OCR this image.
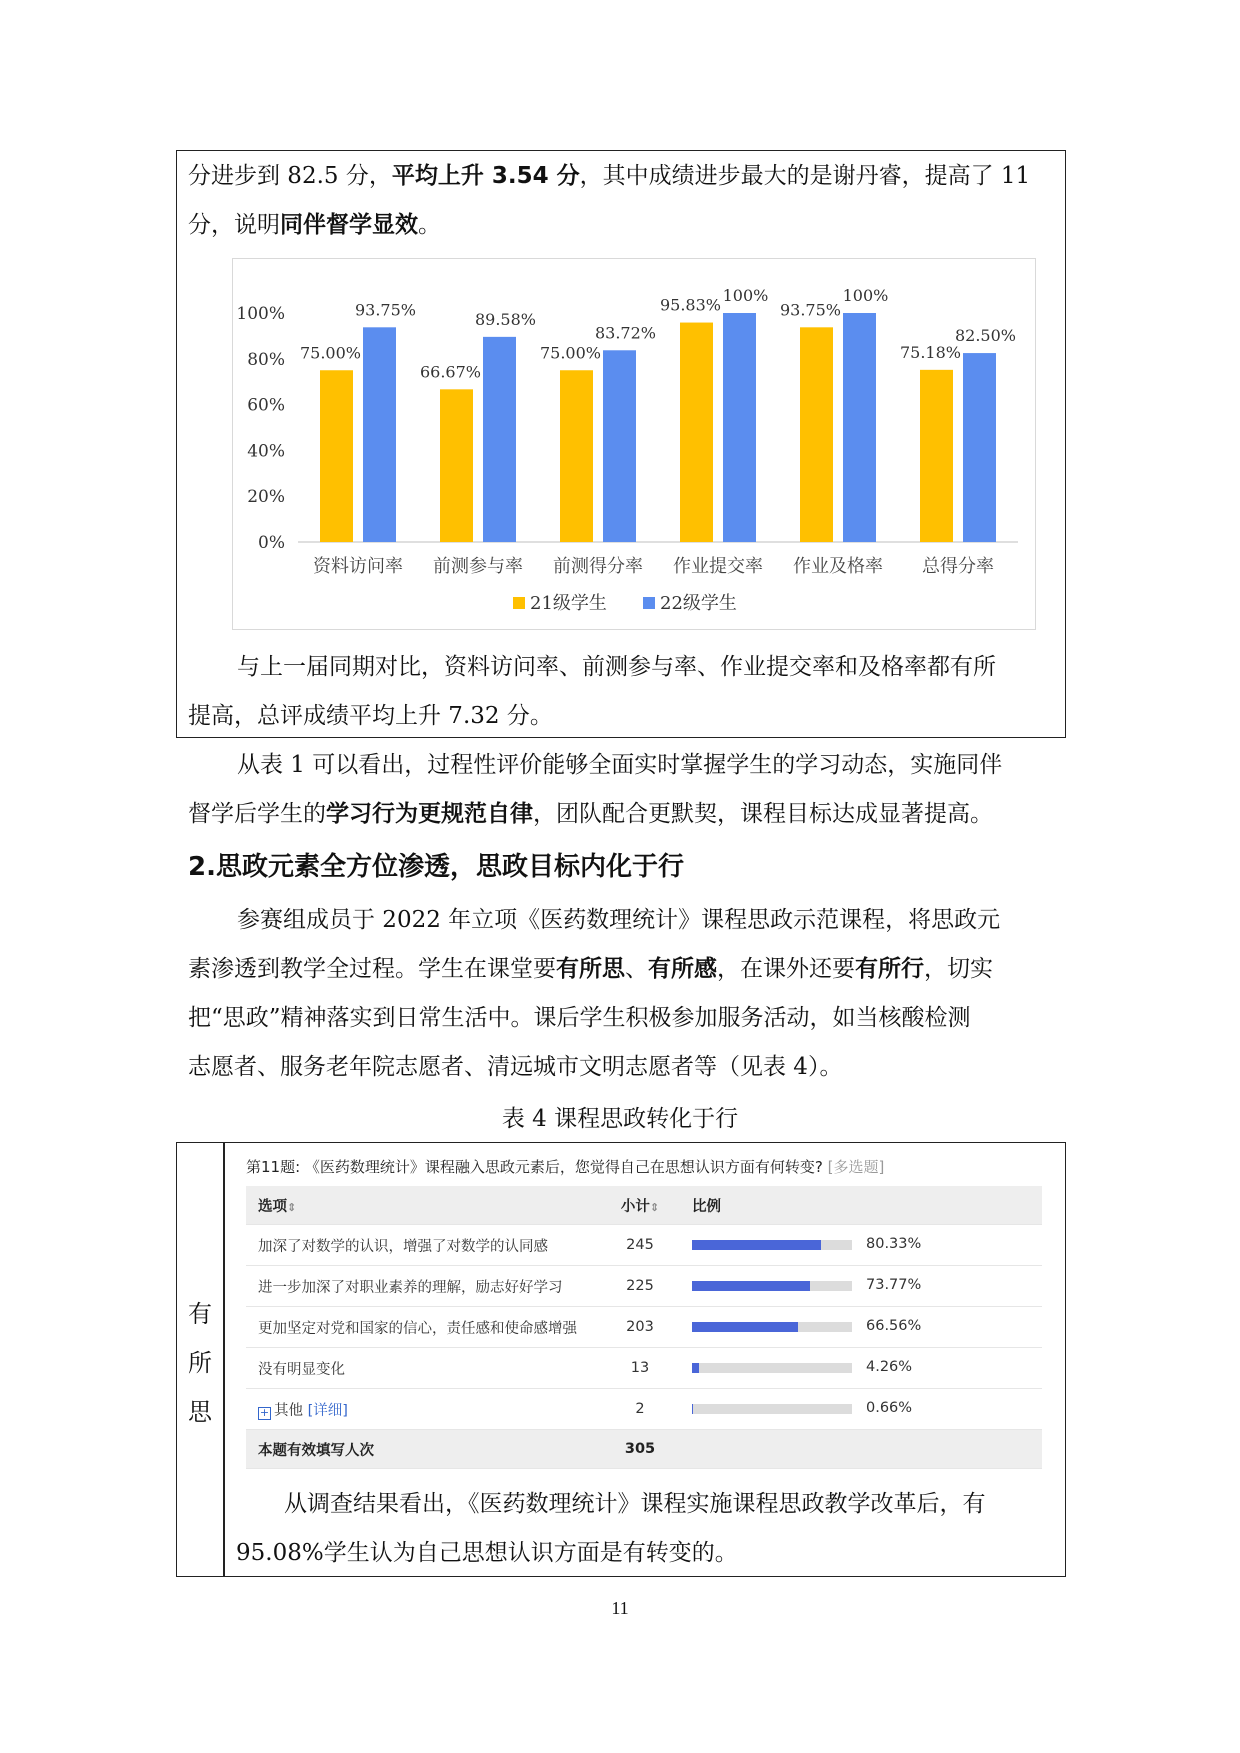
分进步到 82.5 分，平均上升 3.54 分，其中成绩进步最大的是谢丹睿，提高了 11

分，说明同伴督学显效。

0%
20%
40%
60%
80%
100%
75.00%
93.75%
资料访问率
66.67%
89.58%
前测参与率
75.00%
83.72%
前测得分率
95.83%
100%
作业提交率
93.75%
100%
作业及格率
75.18%
82.50%
总得分率
21级学生	22级学生

与上一届同期对比，资料访问率、前测参与率、作业提交率和及格率都有所

提高，总评成绩平均上升 7.32 分。

从表 1 可以看出，过程性评价能够全面实时掌握学生的学习动态，实施同伴

督学后学生的学习行为更规范自律，团队配合更默契，课程目标达成显著提高。

2.思政元素全方位渗透，思政目标内化于行

参赛组成员于 2022 年立项《医药数理统计》课程思政示范课程，将思政元

素渗透到教学全过程。学生在课堂要有所思、有所感，在课外还要有所行，切实

把“思政”精神落实到日常生活中。课后学生积极参加服务活动，如当核酸检测

志愿者、服务老年院志愿者、清远城市文明志愿者等（见表 4）。

表 4 课程思政转化于行
有
所
思
第11题: 《医药数理统计》课程融入思政元素后，您觉得自己在思想认识方面有何转变? [多选题]
选项⇕	小计⇕	比例
加深了对数学的认识，增强了对数学的认同感	245	80.33%

进一步加深了对职业素养的理解，励志好好学习	225	73.77%

更加坚定对党和国家的信心，责任感和使命感增强	203	66.56%

没有明显变化	13	4.26%

+ 其他 [详细]	2	0.66%

本题有效填写人次	305	

从调查结果看出，《医药数理统计》课程实施课程思政教学改革后，有

95.08%学生认为自己思想认识方面是有转变的。

11
